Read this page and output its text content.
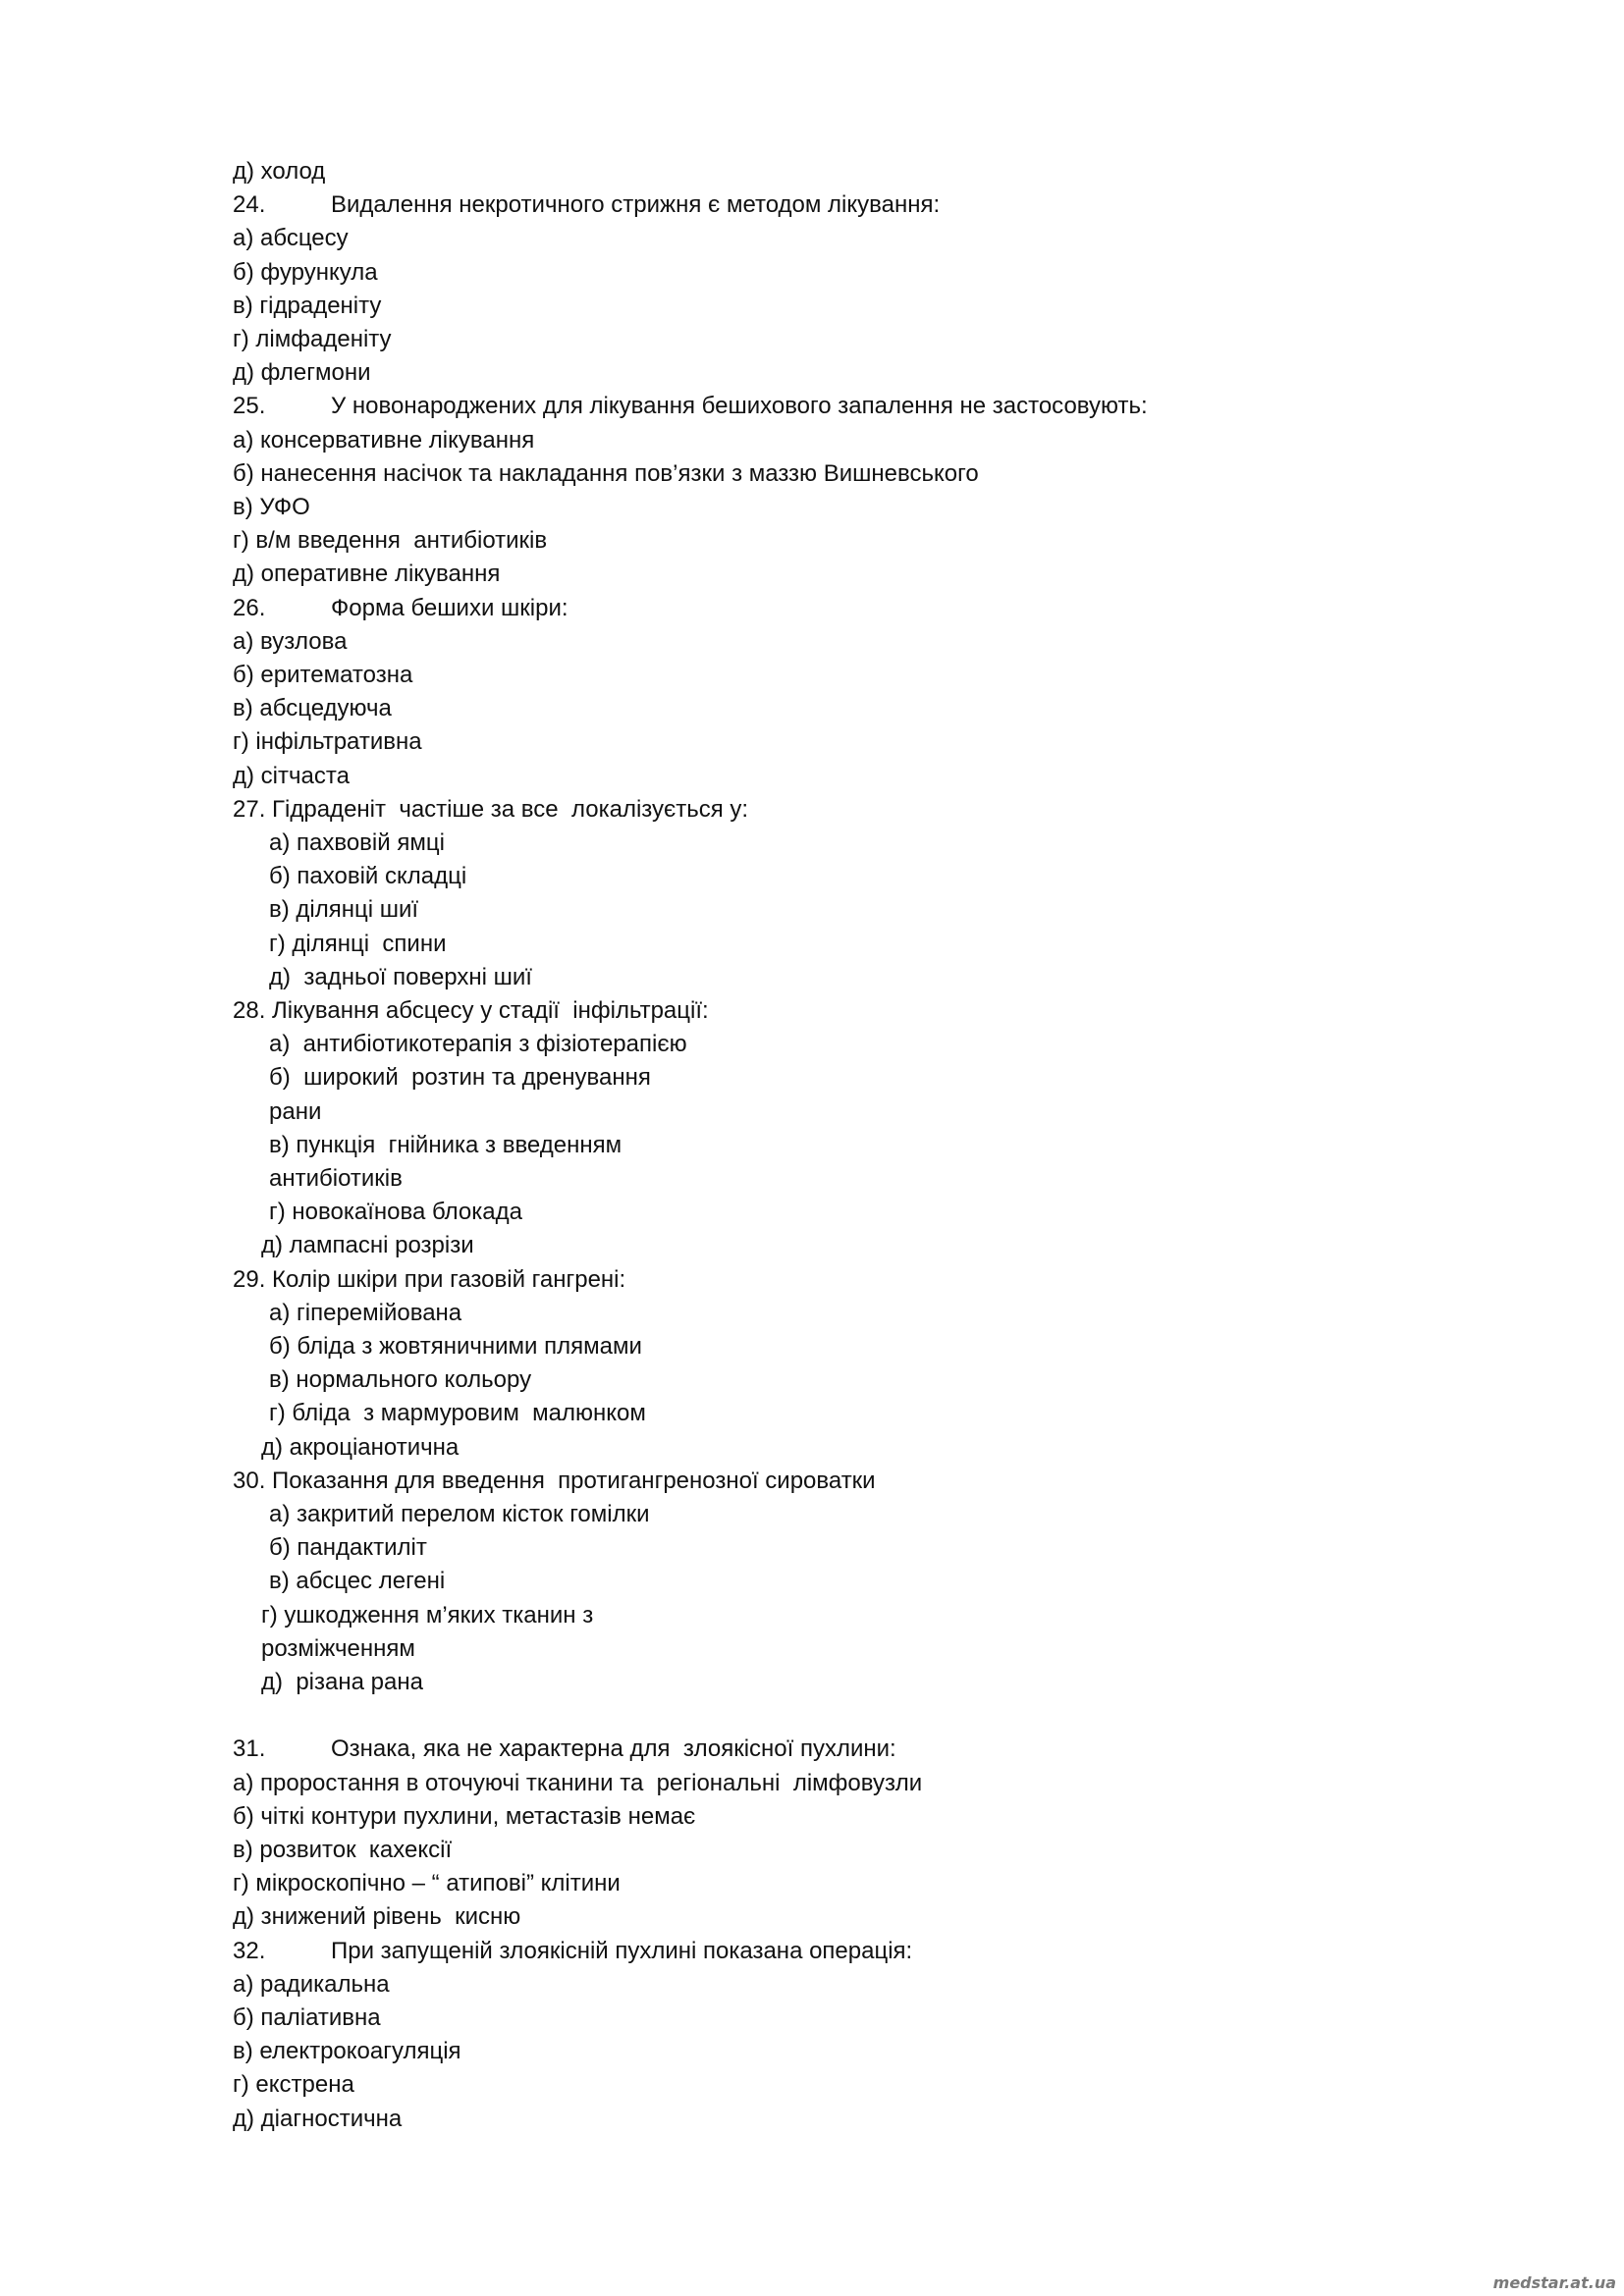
д) холод
24.	Видалення некротичного стрижня є методом лікування:
а) абсцесу
б) фурункула
в) гідраденіту
г) лімфаденіту
д) флегмони
25.	У новонароджених для лікування бешихового запалення не застосовують:
а) консервативне лікування
б) нанесення насічок та накладання пов’язки з маззю Вишневського
в) УФО
г) в/м введення  антибіотиків
д) оперативне лікування
26.	Форма бешихи шкіри:
а) вузлова
б) еритематозна
в) абсцедуюча
г) інфільтративна
д) сітчаста
27. Гідраденіт  частіше за все  локалізується у:
а) пахвовій ямці
б) паховій складці
в) ділянці шиї
г) ділянці  спини
д)  задньої поверхні шиї
28. Лікування абсцесу у стадії  інфільтрації:
а)  антибіотикотерапія з фізіотерапією
б)  широкий  розтин та дренування
рани
в) пункція  гнійника з введенням
антибіотиків
г) новокаїнова блокада
д) лампасні розрізи
29. Колір шкіри при газовій гангрені:
а) гіперемійована
б) бліда з жовтяничними плямами
в) нормального кольору
г) бліда  з мармуровим  малюнком
д) акроціанотична
30. Показання для введення  протигангренозної сироватки
а) закритий перелом кісток гомілки
б) пандактиліт
в) абсцес легені
г) ушкодження м’яких тканин з
розміжченням
д)  різана рана
31.	Ознака, яка не характерна для  злоякісної пухлини:
а) проростання в оточуючі тканини та  регіональні  лімфовузли
б) чіткі контури пухлини, метастазів немає
в) розвиток  кахексії
г) мікроскопічно – “ атипові” клітини
д) знижений рівень  кисню
32.	При запущеній злоякісній пухлині показана операція:
а) радикальна
б) паліативна
в) електрокоагуляція
г) екстрена
д) діагностична
medstar.at.ua
